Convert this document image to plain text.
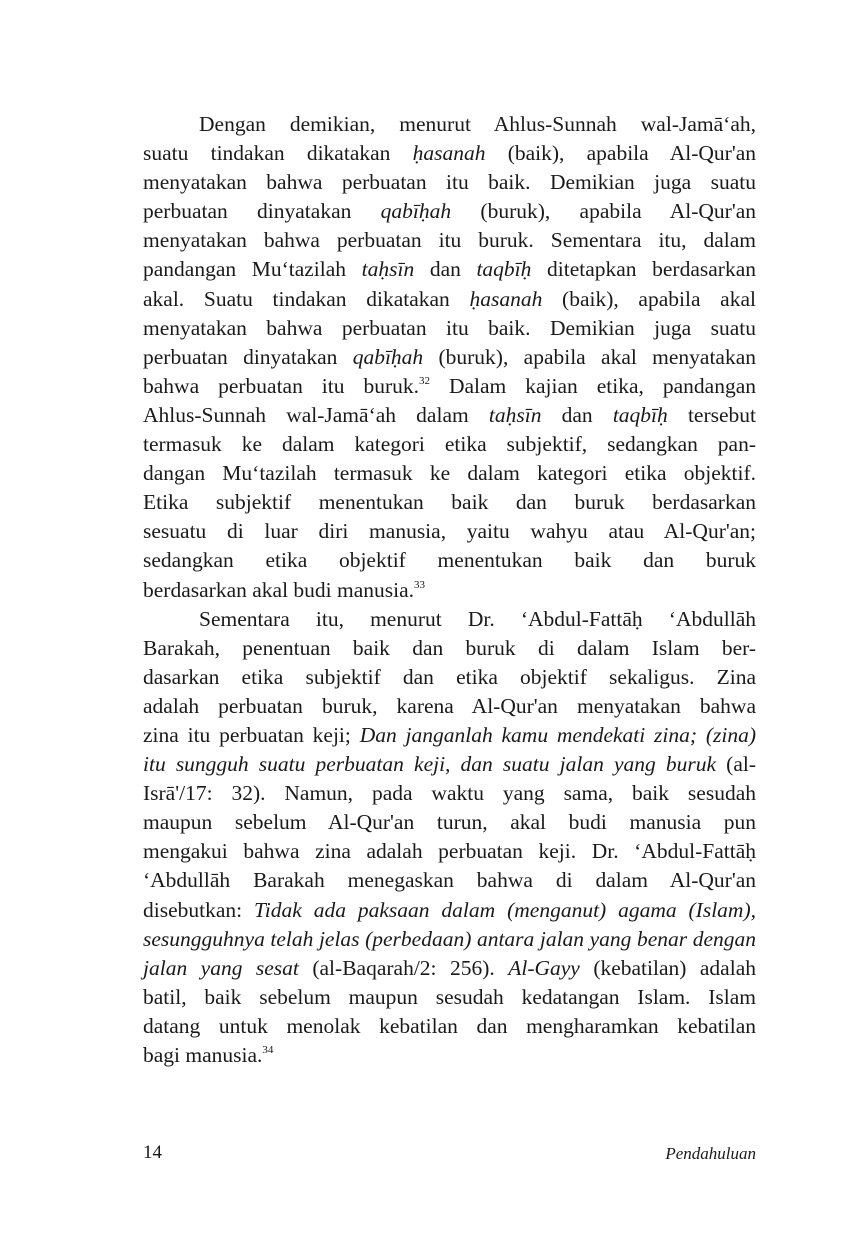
Dengan demikian, menurut Ahlus-Sunnah wal-Jamā‘ah,
suatu tindakan dikatakan ḥasanah (baik), apabila Al-Qur'an
menyatakan bahwa perbuatan itu baik. Demikian juga suatu
perbuatan dinyatakan qabīḥah (buruk), apabila Al-Qur'an
menyatakan bahwa perbuatan itu buruk. Sementara itu, dalam
pandangan Mu‘tazilah taḥsīn dan taqbīḥ ditetapkan berdasarkan
akal. Suatu tindakan dikatakan ḥasanah (baik), apabila akal
menyatakan bahwa perbuatan itu baik. Demikian juga suatu
perbuatan dinyatakan qabīḥah (buruk), apabila akal menyatakan
bahwa perbuatan itu buruk.$^{32}$ Dalam kajian etika, pandangan
Ahlus-Sunnah wal-Jamā‘ah dalam taḥsīn dan taqbīḥ tersebut
termasuk ke dalam kategori etika subjektif, sedangkan pan-
dangan Mu‘tazilah termasuk ke dalam kategori etika objektif.
Etika subjektif menentukan baik dan buruk berdasarkan
sesuatu di luar diri manusia, yaitu wahyu atau Al-Qur'an;
sedangkan etika objektif menentukan baik dan buruk
berdasarkan akal budi manusia.$^{33}$
Sementara itu, menurut Dr. ‘Abdul-Fattāḥ ‘Abdullāh
Barakah, penentuan baik dan buruk di dalam Islam ber-
dasarkan etika subjektif dan etika objektif sekaligus. Zina
adalah perbuatan buruk, karena Al-Qur'an menyatakan bahwa
zina itu perbuatan keji; Dan janganlah kamu mendekati zina; (zina)
itu sungguh suatu perbuatan keji, dan suatu jalan yang buruk (al-
Isrā'/17: 32). Namun, pada waktu yang sama, baik sesudah
maupun sebelum Al-Qur'an turun, akal budi manusia pun
mengakui bahwa zina adalah perbuatan keji. Dr. ‘Abdul-Fattāḥ
‘Abdullāh Barakah menegaskan bahwa di dalam Al-Qur'an
disebutkan: Tidak ada paksaan dalam (menganut) agama (Islam),
sesungguhnya telah jelas (perbedaan) antara jalan yang benar dengan
jalan yang sesat (al-Baqarah/2: 256). Al-Gayy (kebatilan) adalah
batil, baik sebelum maupun sesudah kedatangan Islam. Islam
datang untuk menolak kebatilan dan mengharamkan kebatilan
bagi manusia.$^{34}$
14	Pendahuluan
